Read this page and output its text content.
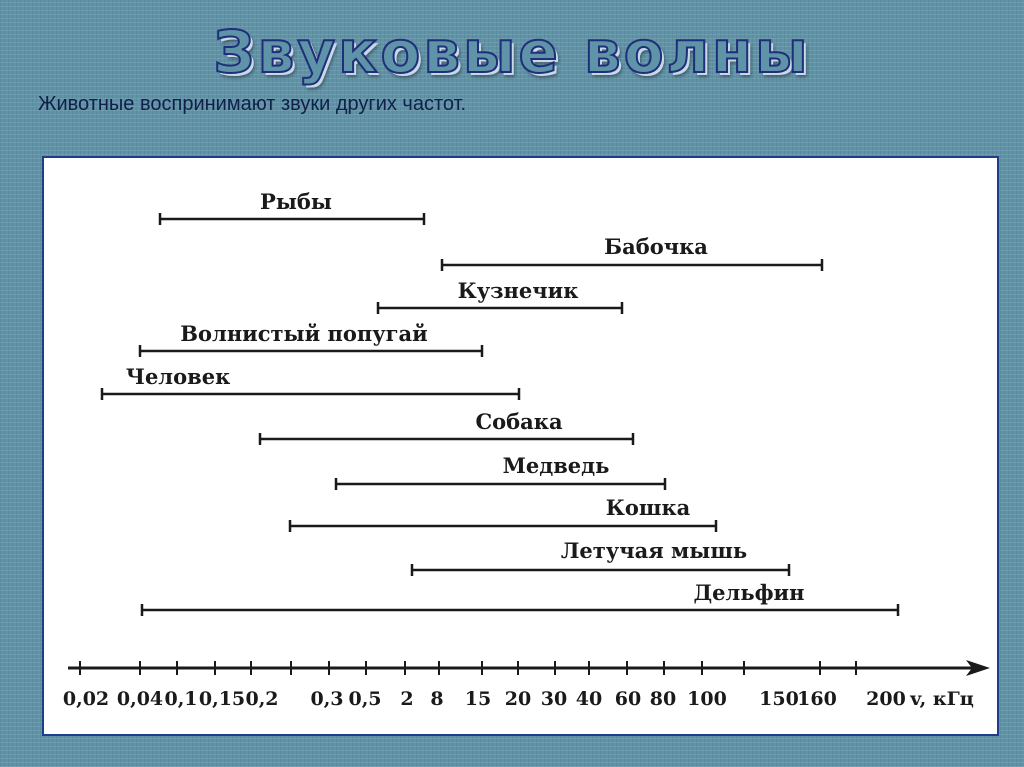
Звуковые волны
Животные воспринимают звуки других частот.
0,02 0,04 0,1 0,15 0,2 0,3 0,5 2 8 15 20 30 40 60 80 100 150
160 200 v, кГц
Рыбы
Бабочка
Кузнечик
Волнистый попугай
Человек
Собака
Медведь
Кошка
Летучая мышь
Дельфин
